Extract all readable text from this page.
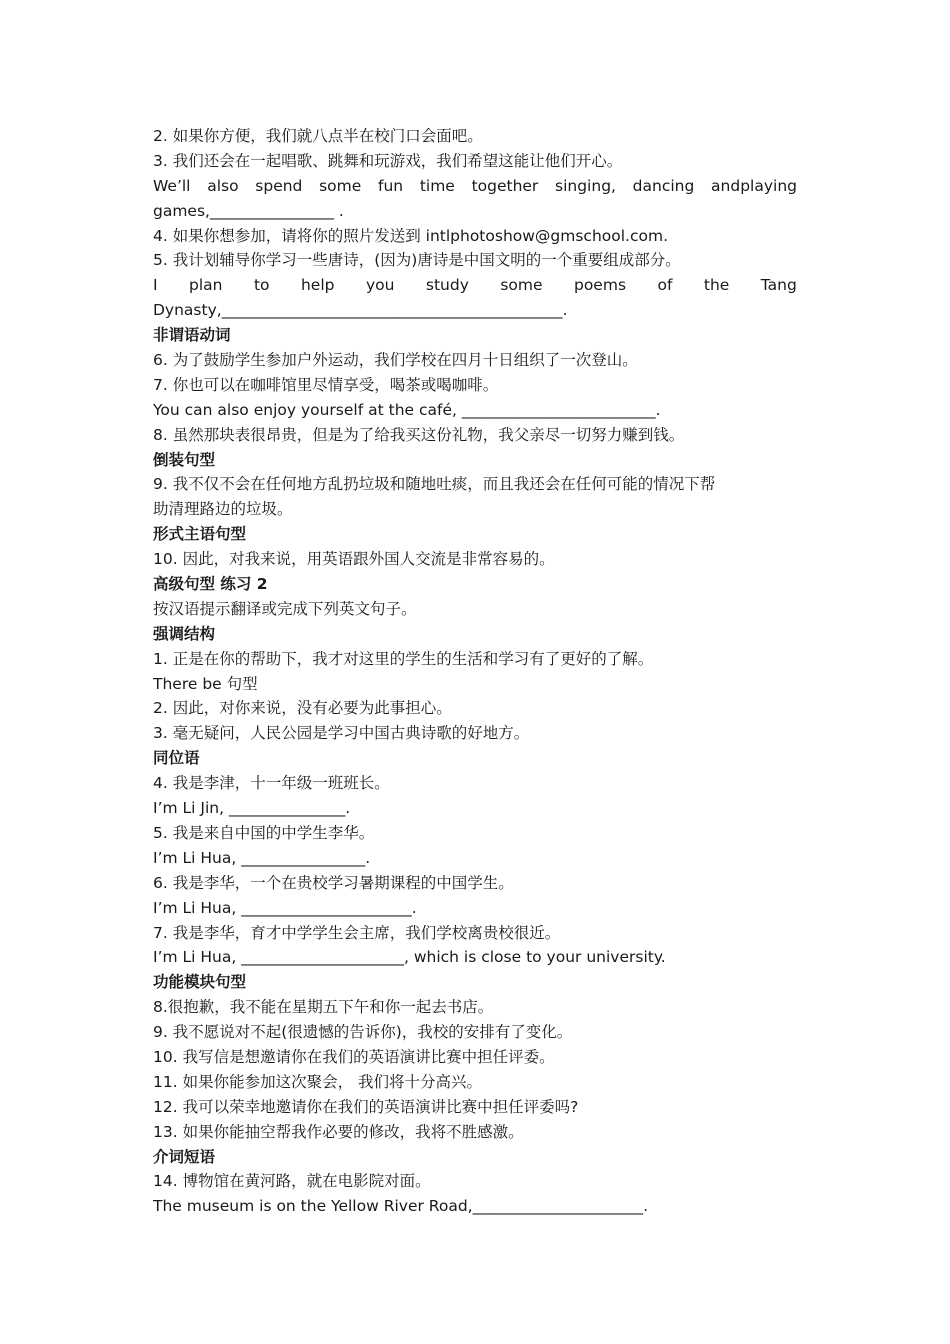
2. 如果你方便，我们就八点半在校门口会面吧。
3. 我们还会在一起唱歌、跳舞和玩游戏，我们希望这能让他们开心。
We’ll also spend some fun time together singing, dancing andplaying
games,________________ .
4. 如果你想参加，请将你的照片发送到 intlphotoshow@gmschool.com.
5. 我计划辅导你学习一些唐诗，(因为)唐诗是中国文明的一个重要组成部分。
I plan to help you study some poems of the Tang
Dynasty,____________________________________________.
非谓语动词
6. 为了鼓励学生参加户外运动，我们学校在四月十日组织了一次登山。
7. 你也可以在咖啡馆里尽情享受，喝茶或喝咖啡。
You can also enjoy yourself at the café, _________________________.
8. 虽然那块表很昂贵，但是为了给我买这份礼物，我父亲尽一切努力赚到钱。
倒装句型
9. 我不仅不会在任何地方乱扔垃圾和随地吐痰，而且我还会在任何可能的情况下帮
助清理路边的垃圾。
形式主语句型
10. 因此，对我来说，用英语跟外国人交流是非常容易的。
高级句型 练习 2
按汉语提示翻译或完成下列英文句子。
强调结构
1. 正是在你的帮助下，我才对这里的学生的生活和学习有了更好的了解。
There be 句型
2. 因此，对你来说，没有必要为此事担心。
3. 毫无疑问，人民公园是学习中国古典诗歌的好地方。
同位语
4. 我是李津，十一年级一班班长。
I’m Li Jin, _______________.
5. 我是来自中国的中学生李华。
I’m Li Hua, ________________.
6. 我是李华，一个在贵校学习暑期课程的中国学生。
I’m Li Hua, ______________________.
7. 我是李华，育才中学学生会主席，我们学校离贵校很近。
I’m Li Hua, _____________________, which is close to your university.
功能模块句型
8.很抱歉，我不能在星期五下午和你一起去书店。
9. 我不愿说对不起(很遗憾的告诉你)，我校的安排有了变化。
10. 我写信是想邀请你在我们的英语演讲比赛中担任评委。
11. 如果你能参加这次聚会， 我们将十分高兴。
12. 我可以荣幸地邀请你在我们的英语演讲比赛中担任评委吗?
13. 如果你能抽空帮我作必要的修改，我将不胜感激。
介词短语
14. 博物馆在黄河路，就在电影院对面。
The museum is on the Yellow River Road,______________________.
